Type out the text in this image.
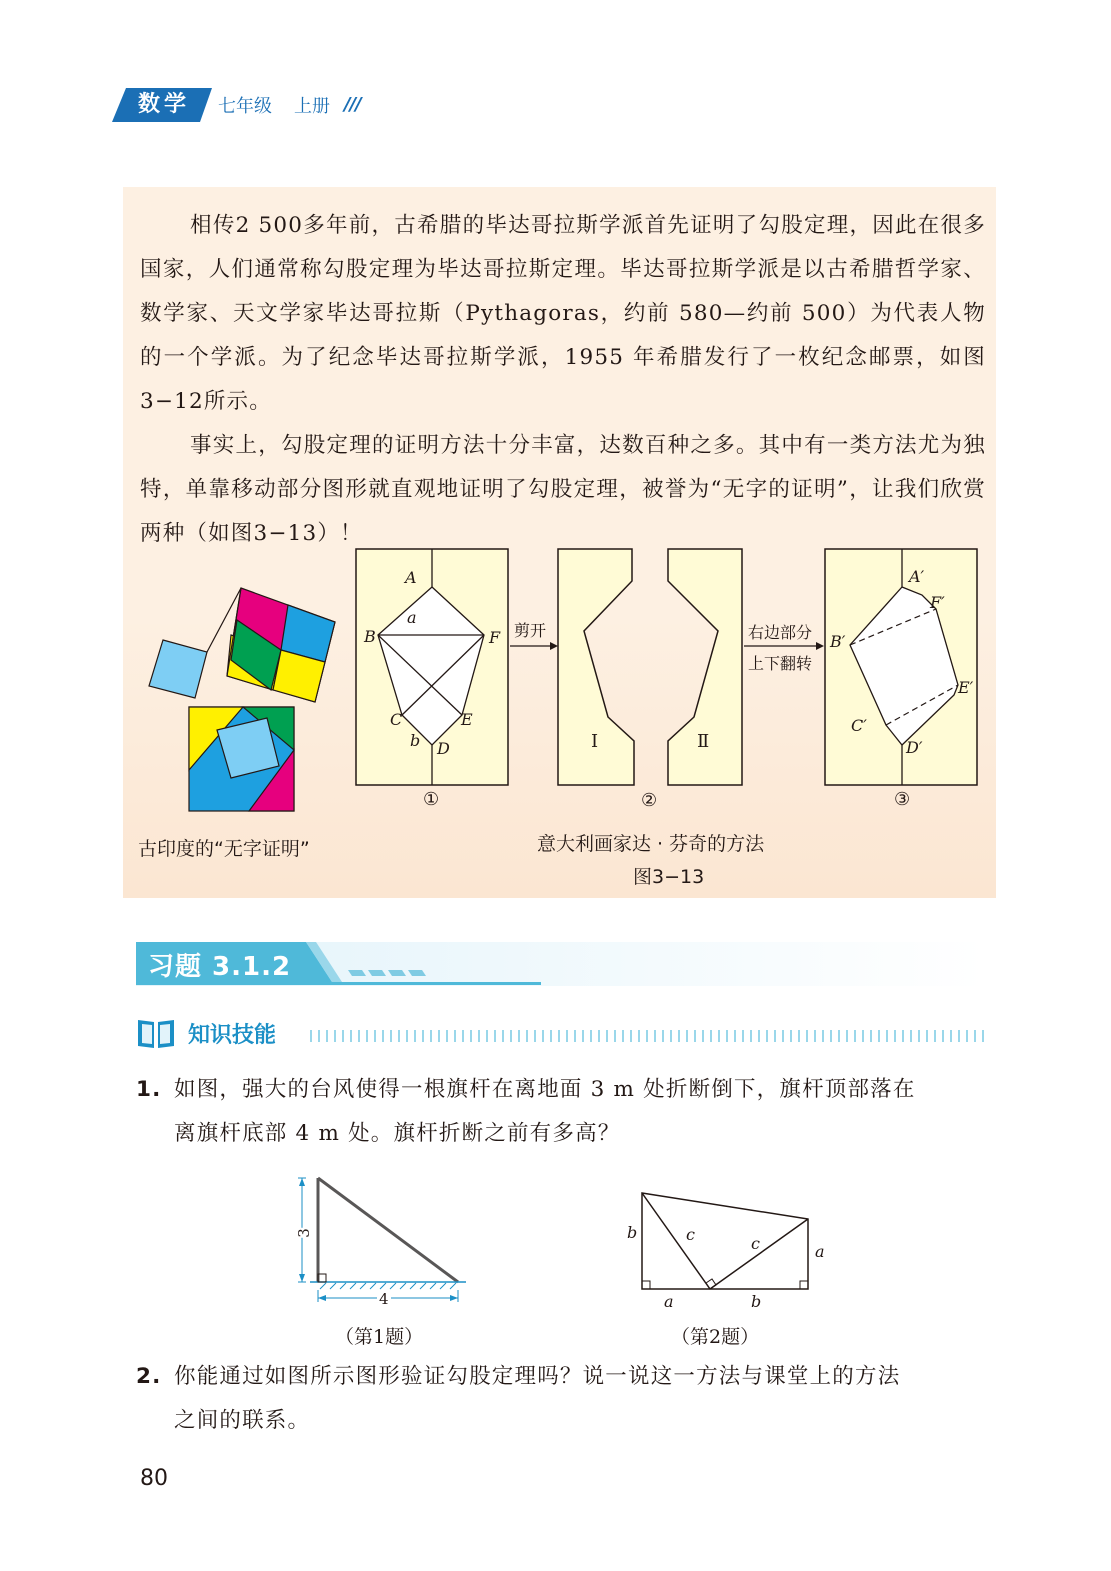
数学	七年级 上册 ///
相传2 500多年前，古希腊的毕达哥拉斯学派首先证明了勾股定理，因此在很多国家，人们通常称勾股定理为毕达哥拉斯定理。毕达哥拉斯学派是以古希腊哲学家、数学家、天文学家毕达哥拉斯（Pythagoras，约前 580—约前 500）为代表人物的一个学派。为了纪念毕达哥拉斯学派，1955 年希腊发行了一枚纪念邮票，如图3−12所示。
事实上，勾股定理的证明方法十分丰富，达数百种之多。其中有一类方法尤为独特，单靠移动部分图形就直观地证明了勾股定理，被誉为“无字的证明”，让我们欣赏两种（如图3−13）！
剪开	右边部分
上下翻转
A
a
B	F
C	E
b D	Ⅰ	Ⅱ
A′
F′
B′
E′
C′
D′
①	②	③
古印度的“无字证明”	意大利画家达 · 芬奇的方法
图3−13
习题 3.1.2
知识技能
1. 如图，强大的台风使得一根旗杆在离地面 3 m 处折断倒下，旗杆顶部落在
离旗杆底部 4 m 处。旗杆折断之前有多高？
3
4
（第1题）
b	c	c	a
a	b
（第2题）
2. 你能通过如图所示图形验证勾股定理吗？说一说这一方法与课堂上的方法
之间的联系。
80
